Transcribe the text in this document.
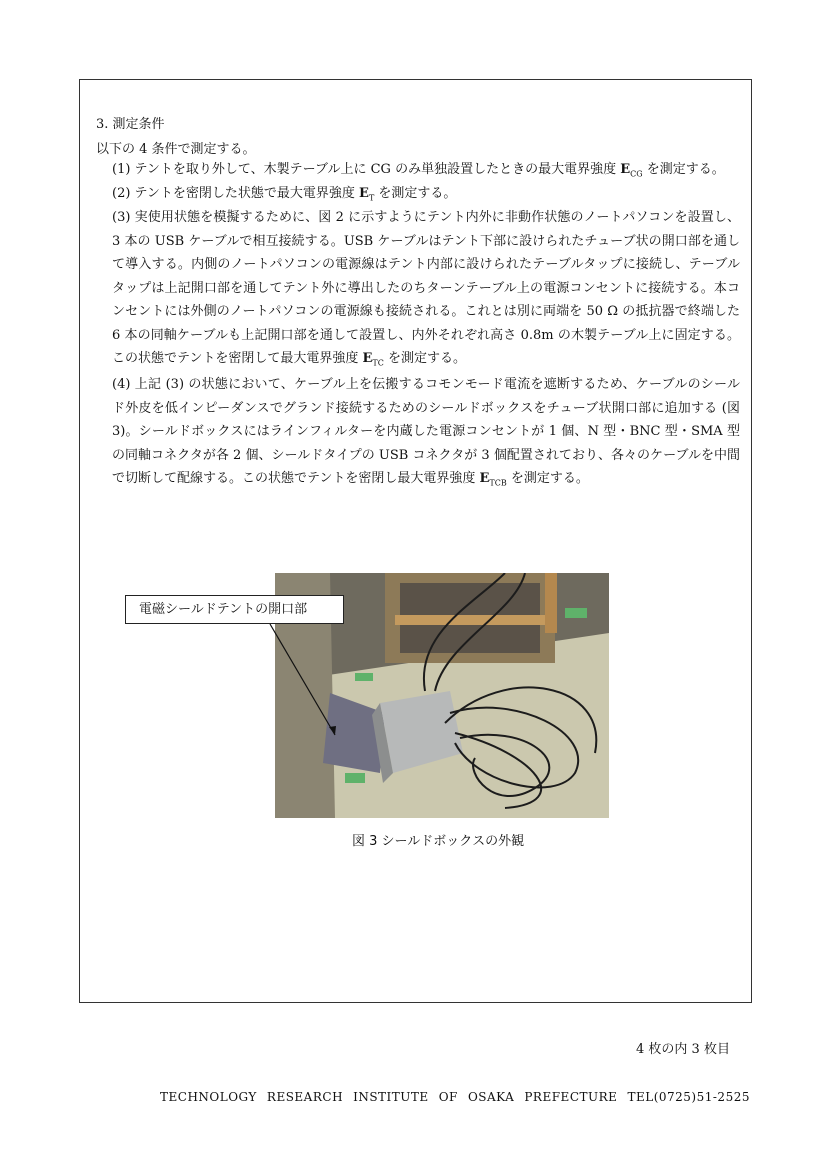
3. 測定条件
以下の 4 条件で測定する。
(1) テントを取り外して、木製テーブル上に CG のみ単独設置したときの最大電界強度 $E_{CG}$ を測定する。
(2) テントを密閉した状態で最大電界強度 $E_T$ を測定する。
(3) 実使用状態を模擬するために、図 2 に示すようにテント内外に非動作状態のノートパソコンを設置し、3 本の USB ケーブルで相互接続する。USB ケーブルはテント下部に設けられたチューブ状の開口部を通して導入する。内側のノートパソコンの電源線はテント内部に設けられたテーブルタップに接続し、テーブルタップは上記開口部を通してテント外に導出したのちターンテーブル上の電源コンセントに接続する。本コンセントには外側のノートパソコンの電源線も接続される。これとは別に両端を 50 Ω の抵抗器で終端した 6 本の同軸ケーブルも上記開口部を通して設置し、内外それぞれ高さ 0.8m の木製テーブル上に固定する。この状態でテントを密閉して最大電界強度 $E_{TC}$ を測定する。
(4) 上記 (3) の状態において、ケーブル上を伝搬するコモンモード電流を遮断するため、ケーブルのシールド外皮を低インピーダンスでグランド接続するためのシールドボックスをチューブ状開口部に追加する (図 3)。シールドボックスにはラインフィルターを内蔵した電源コンセントが 1 個、N 型・BNC 型・SMA 型の同軸コネクタが各 2 個、シールドタイプの USB コネクタが 3 個配置されており、各々のケーブルを中間で切断して配線する。この状態でテントを密閉し最大電界強度 $E_{TCB}$ を測定する。
電磁シールドテントの開口部
図 3 シールドボックスの外観
4 枚の内 3 枚目
TECHNOLOGY RESEARCH INSTITUTE OF OSAKA PREFECTURE TEL(0725)51-2525
